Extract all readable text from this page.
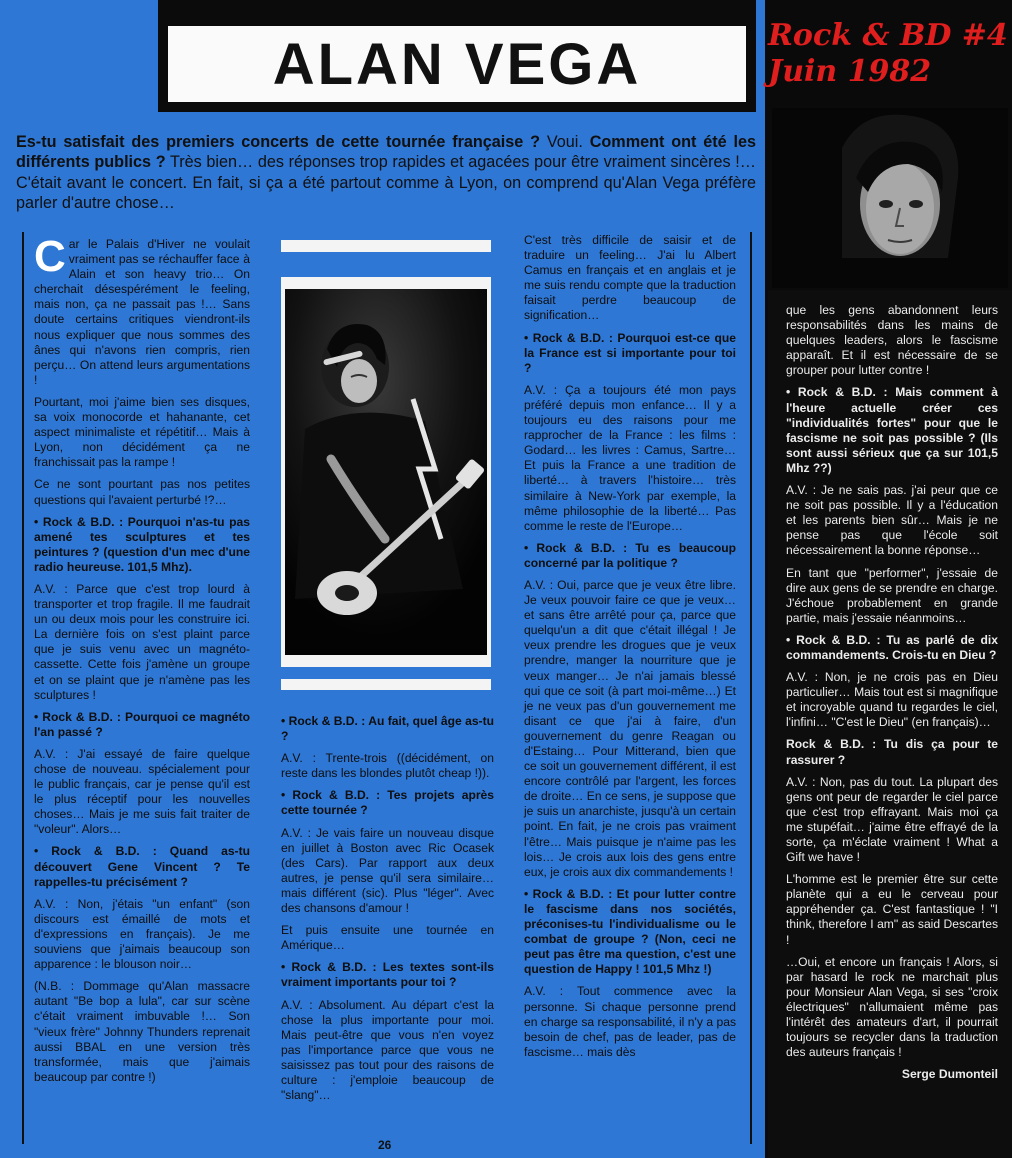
ALAN VEGA
Es-tu satisfait des premiers concerts de cette tournée française ? Voui. Comment ont été les différents publics ? Très bien… des réponses trop rapides et agacées pour être vraiment sincères !… C'était avant le concert. En fait, si ça a été partout comme à Lyon, on comprend qu'Alan Vega préfère parler d'autre chose…

Car le Palais d'Hiver ne voulait vraiment pas se réchauffer face à Alain et son heavy trio… On cherchait désespérément le feeling, mais non, ça ne passait pas !… Sans doute certains critiques viendront-ils nous expliquer que nous sommes des ânes qui n'avons rien compris, rien perçu… On attend leurs argumentations !

Pourtant, moi j'aime bien ses disques, sa voix monocorde et hahanante, cet aspect minimaliste et répétitif… Mais à Lyon, non décidément ça ne franchissait pas la rampe !

Ce ne sont pourtant pas nos petites questions qui l'avaient perturbé !?…

• Rock & B.D. : Pourquoi n'as-tu pas amené tes sculptures et tes peintures ? (question d'un mec d'une radio heureuse. 101,5 Mhz).

A.V. : Parce que c'est trop lourd à transporter et trop fragile. Il me faudrait un ou deux mois pour les construire ici. La dernière fois on s'est plaint parce que je suis venu avec un magnéto-cassette. Cette fois j'amène un groupe et on se plaint que je n'amène pas les sculptures !

• Rock & B.D. : Pourquoi ce magnéto l'an passé ?

A.V. : J'ai essayé de faire quelque chose de nouveau. spécialement pour le public français, car je pense qu'il est le plus réceptif pour les nouvelles choses… Mais je me suis fait traiter de "voleur". Alors…

• Rock & B.D. : Quand as-tu découvert Gene Vincent ? Te rappelles-tu précisément ?

A.V. : Non, j'étais "un enfant" (son discours est émaillé de mots et d'expressions en français). Je me souviens que j'aimais beaucoup son apparence : le blouson noir…

(N.B. : Dommage qu'Alan massacre autant "Be bop a lula", car sur scène c'était vraiment imbuvable !… Son "vieux frère" Johnny Thunders reprenait aussi BBAL en une version très transformée, mais que j'aimais beaucoup par contre !)

• Rock & B.D. : Au fait, quel âge as-tu ?

A.V. : Trente-trois ((décidément, on reste dans les blondes plutôt cheap !)).

• Rock & B.D. : Tes projets après cette tournée ?

A.V. : Je vais faire un nouveau disque en juillet à Boston avec Ric Ocasek (des Cars). Par rapport aux deux autres, je pense qu'il sera similaire… mais différent (sic). Plus "léger". Avec des chansons d'amour !

Et puis ensuite une tournée en Amérique…

• Rock & B.D. : Les textes sont-ils vraiment importants pour toi ?

A.V. : Absolument. Au départ c'est la chose la plus importante pour moi. Mais peut-être que vous n'en voyez pas l'importance parce que vous ne saisissez pas tout pour des raisons de culture : j'emploie beaucoup de "slang"…

C'est très difficile de saisir et de traduire un feeling… J'ai lu Albert Camus en français et en anglais et je me suis rendu compte que la traduction faisait perdre beaucoup de signification…

• Rock & B.D. : Pourquoi est-ce que la France est si importante pour toi ?

A.V. : Ça a toujours été mon pays préféré depuis mon enfance… Il y a toujours eu des raisons pour me rapprocher de la France : les films : Godard… les livres : Camus, Sartre… Et puis la France a une tradition de liberté… à travers l'histoire… très similaire à New-York par exemple, la même philosophie de la liberté… Pas comme le reste de l'Europe…

• Rock & B.D. : Tu es beaucoup concerné par la politique ?

A.V. : Oui, parce que je veux être libre. Je veux pouvoir faire ce que je veux… et sans être arrêté pour ça, parce que quelqu'un a dit que c'était illégal ! Je veux prendre les drogues que je veux prendre, manger la nourriture que je veux manger… Je n'ai jamais blessé qui que ce soit (à part moi-même…) Et je ne veux pas d'un gouvernement me disant ce que j'ai à faire, d'un gouvernement du genre Reagan ou d'Estaing… Pour Mitterand, bien que ce soit un gouvernement différent, il est encore contrôlé par l'argent, les forces de droite… En ce sens, je suppose que je suis un anarchiste, jusqu'à un certain point. En fait, je ne crois pas vraiment l'être… Mais puisque je n'aime pas les lois… Je crois aux lois des gens entre eux, je crois aux dix commandements !

• Rock & B.D. : Et pour lutter contre le fascisme dans nos sociétés, préconises-tu l'individualisme ou le combat de groupe ? (Non, ceci ne peut pas être ma question, c'est une question de Happy ! 101,5 Mhz !)

A.V. : Tout commence avec la personne. Si chaque personne prend en charge sa responsabilité, il n'y a pas besoin de chef, pas de leader, pas de fascisme… mais dès

26
Rock & BD #4
Juin 1982

que les gens abandonnent leurs responsabilités dans les mains de quelques leaders, alors le fascisme apparaît. Et il est nécessaire de se grouper pour lutter contre !

• Rock & B.D. : Mais comment à l'heure actuelle créer ces "individualités fortes" pour que le fascisme ne soit pas possible ? (Ils sont aussi sérieux que ça sur 101,5 Mhz ??)

A.V. : Je ne sais pas. j'ai peur que ce ne soit pas possible. Il y a l'éducation et les parents bien sûr… Mais je ne pense pas que l'école soit nécessairement la bonne réponse…

En tant que "performer", j'essaie de dire aux gens de se prendre en charge. J'échoue probablement en grande partie, mais j'essaie néanmoins…

• Rock & B.D. : Tu as parlé de dix commandements. Crois-tu en Dieu ?

A.V. : Non, je ne crois pas en Dieu particulier… Mais tout est si magnifique et incroyable quand tu regardes le ciel, l'infini… "C'est le Dieu" (en français)…

Rock & B.D. : Tu dis ça pour te rassurer ?

A.V. : Non, pas du tout. La plupart des gens ont peur de regarder le ciel parce que c'est trop effrayant. Mais moi ça me stupéfait… j'aime être effrayé de la sorte, ça m'éclate vraiment ! What a Gift we have !

L'homme est le premier être sur cette planète qui a eu le cerveau pour appréhender ça. C'est fantastique ! "I think, therefore I am" as said Descartes !

…Oui, et encore un français ! Alors, si par hasard le rock ne marchait plus pour Monsieur Alan Vega, si ses "croix électriques" n'allumaient même pas l'intérêt des amateurs d'art, il pourrait toujours se recycler dans la traduction des auteurs français !

Serge Dumonteil
